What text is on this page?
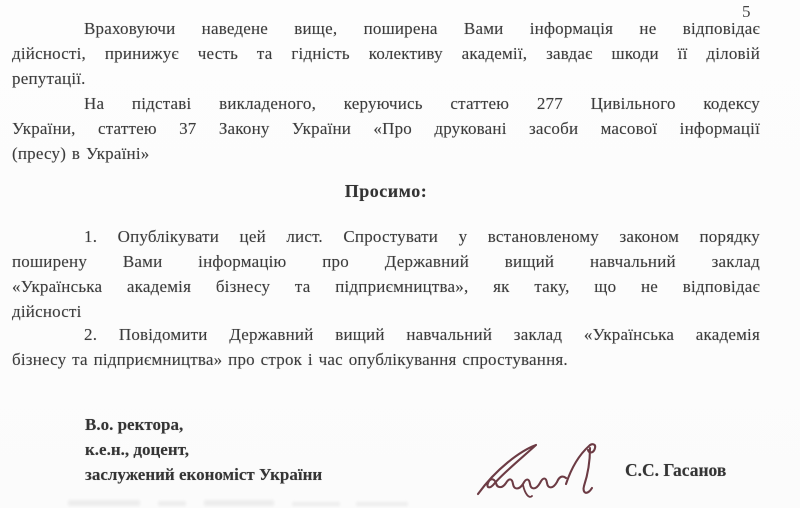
5
Враховуючи наведене вище, поширена Вами інформація не відповідає
дійсності, принижує честь та гідність колективу академії, завдає шкоди її діловій
репутації.
На підставі викладеного, керуючись статтею 277 Цивільного кодексу
України, статтею 37 Закону України «Про друковані засоби масової інформації
(пресу) в Україні»
Просимо:
1. Опублікувати цей лист. Спростувати у встановленому законом порядку
поширену Вами інформацію про Державний вищий навчальний заклад
«Українська академія бізнесу та підприємництва», як таку, що не відповідає
дійсності
2. Повідомити Державний вищий навчальний заклад «Українська академія
бізнесу та підприємництва» про строк і час опублікування спростування.
В.о. ректора,
к.е.н., доцент,
заслужений економіст України	С.С. Гасанов
